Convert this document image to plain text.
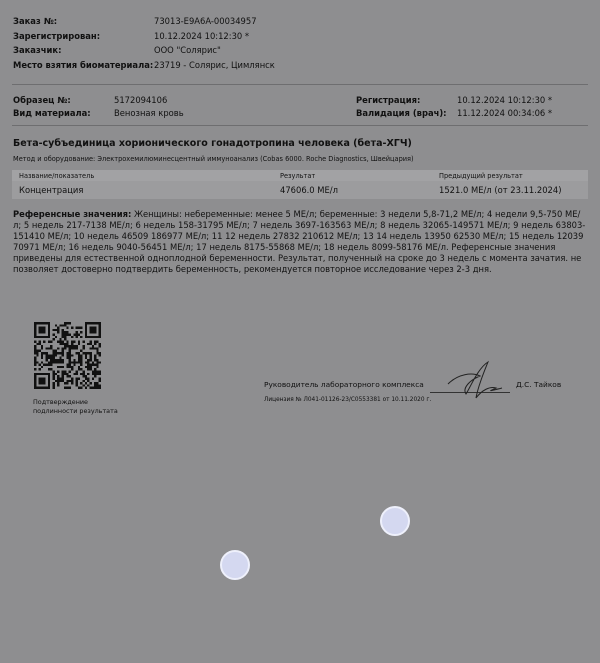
Заказ №:	73013-E9A6A-00034957
Зарегистрирован:	10.12.2024 10:12:30 *
Заказчик:	ООО "Солярис"
Место взятия биоматериала: 23719 - Солярис, Цимлянск
Образец №:	5172094106
Вид материала:	Венозная кровь
Регистрация:	10.12.2024 10:12:30 *
Валидация (врач): 11.12.2024 00:34:06 *
Бета-субъединица хорионического гонадотропина человека (бета-ХГЧ)
Метод и оборудование: Электрохемилюминесцентный иммуноанализ (Cobas 6000. Roche Diagnostics, Швейцария)
Название/показатель	Результат	Предыдущий результат
Концентрация	47606.0 МЕ/л	1521.0 МЕ/л (от 23.11.2024)
Референсные значения: Женщины: небеременные: менее 5 МЕ/л; беременные: 3 недели 5,8-71,2 МЕ/л; 4 недели 9,5-750 МЕ/л; 5 недель 217-7138 МЕ/л; 6 недель 158-31795 МЕ/л; 7 недель 3697-163563 МЕ/л; 8 недель 32065-149571 МЕ/л; 9 недель 63803-151410 МЕ/л; 10 недель 46509 186977 МЕ/л; 11 12 недель 27832 210612 МЕ/л; 13 14 недель 13950 62530 МЕ/л; 15 недель 12039 70971 МЕ/л; 16 недель 9040-56451 МЕ/л; 17 недель 8175-55868 МЕ/л; 18 недель 8099-58176 МЕ/л. Референсные значения приведены для естественной одноплодной беременности. Результат, полученный на сроке до 3 недель с момента зачатия. не позволяет достоверно подтвердить беременность, рекомендуется повторное исследование через 2-3 дня.
Подтверждение
подлинности результата
Руководитель лабораторного комплекса	Д.С. Тайков
Лицензия № Л041-01126-23/С0553381 от 10.11.2020 г.
